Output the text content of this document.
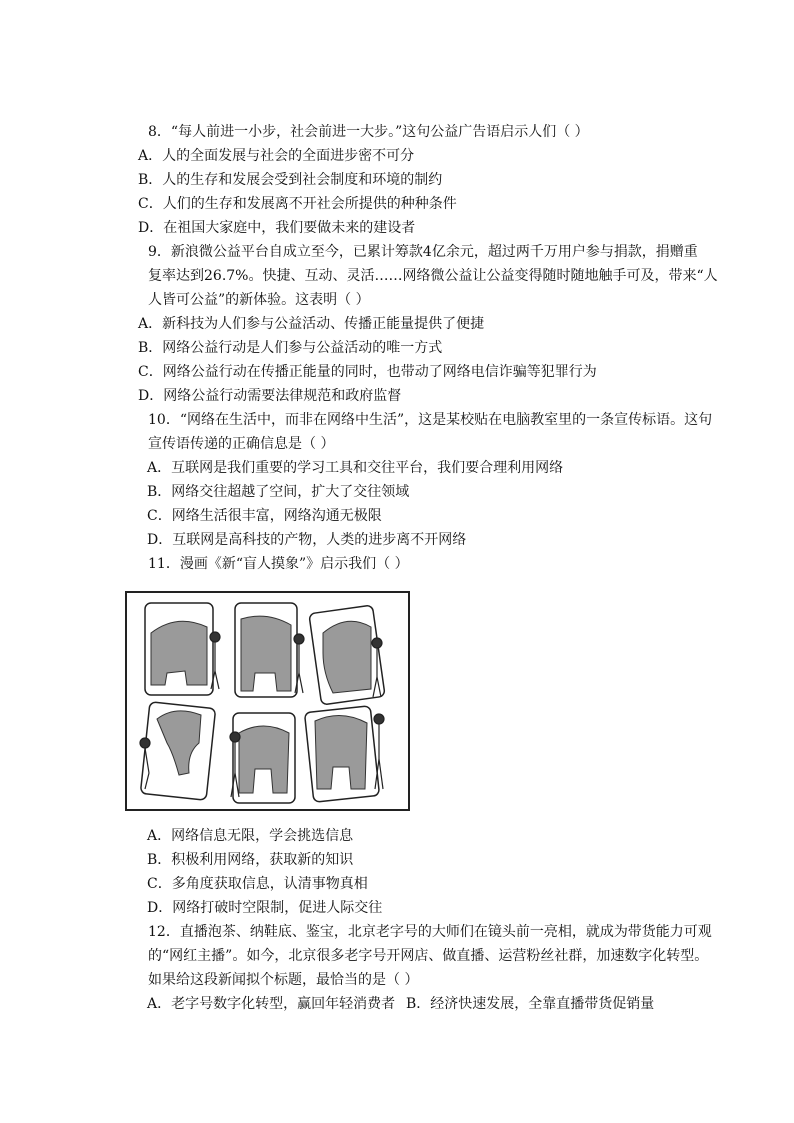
8．“每人前进一小步，社会前进一大步。”这句公益广告语启示人们（ ）
A．人的全面发展与社会的全面进步密不可分
B．人的生存和发展会受到社会制度和环境的制约
C．人们的生存和发展离不开社会所提供的种种条件
D．在祖国大家庭中，我们要做未来的建设者
9．新浪微公益平台自成立至今，已累计筹款4亿余元，超过两千万用户参与捐款，捐赠重
复率达到26.7%。快捷、互动、灵活……网络微公益让公益变得随时随地触手可及，带来“人
人皆可公益”的新体验。这表明（ ）
A．新科技为人们参与公益活动、传播正能量提供了便捷
B．网络公益行动是人们参与公益活动的唯一方式
C．网络公益行动在传播正能量的同时，也带动了网络电信诈骗等犯罪行为
D．网络公益行动需要法律规范和政府监督
10．“网络在生活中，而非在网络中生活”，这是某校贴在电脑教室里的一条宣传标语。这句
宣传语传递的正确信息是（ ）
A．互联网是我们重要的学习工具和交往平台，我们要合理利用网络
B．网络交往超越了空间，扩大了交往领域
C．网络生活很丰富，网络沟通无极限
D．互联网是高科技的产物，人类的进步离不开网络
11．漫画《新“盲人摸象”》启示我们（ ）
A．网络信息无限，学会挑选信息
B．积极利用网络，获取新的知识
C．多角度获取信息，认清事物真相
D．网络打破时空限制，促进人际交往
12．直播泡茶、纳鞋底、鉴宝，北京老字号的大师们在镜头前一亮相，就成为带货能力可观
的“网红主播”。如今，北京很多老字号开网店、做直播、运营粉丝社群，加速数字化转型。
如果给这段新闻拟个标题，最恰当的是（ ）
A．老字号数字化转型，赢回年轻消费者 B．经济快速发展，全靠直播带货促销量
